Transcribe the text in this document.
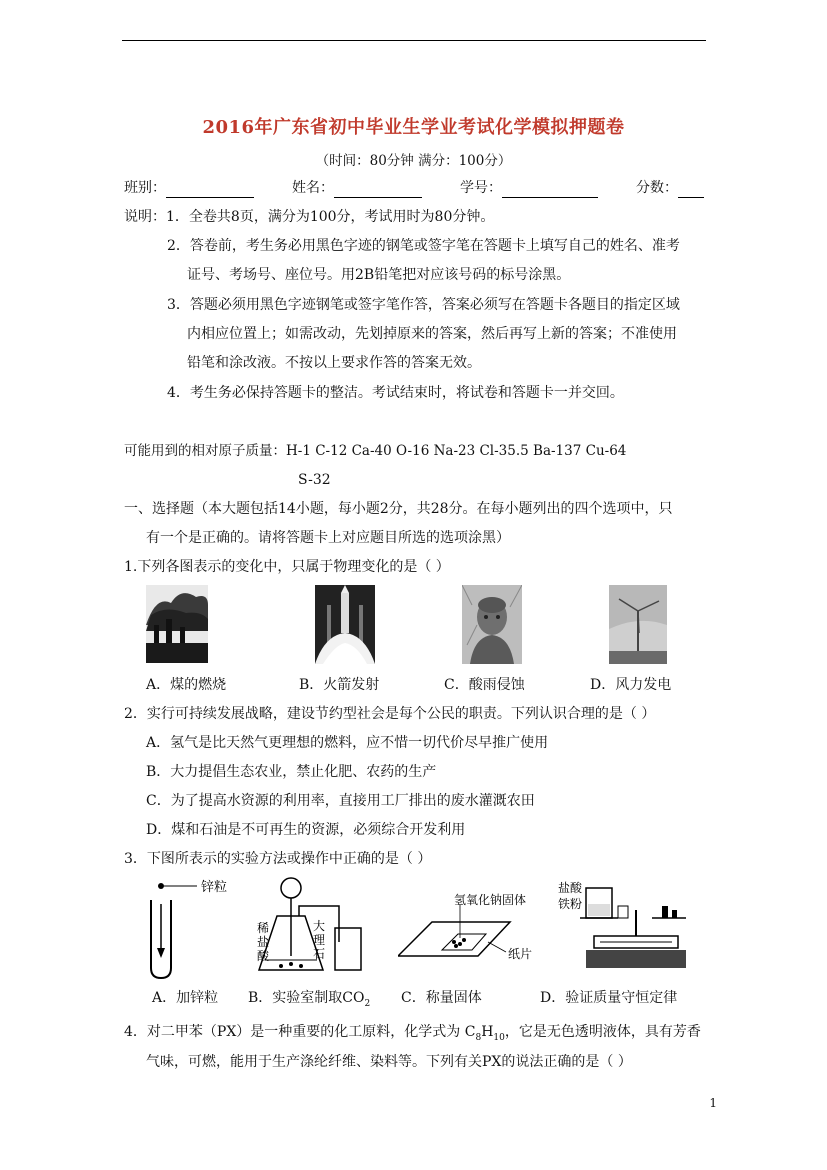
2016年广东省初中毕业生学业考试化学模拟押题卷
（时间：80分钟 满分：100分）
班别：	姓名：	学号：	分数：
说明：1．全卷共8页，满分为100分，考试用时为80分钟。
2．答卷前，考生务必用黑色字迹的钢笔或签字笔在答题卡上填写自己的姓名、准考
证号、考场号、座位号。用2B铅笔把对应该号码的标号涂黑。
3．答题必须用黑色字迹钢笔或签字笔作答，答案必须写在答题卡各题目的指定区域
内相应位置上；如需改动，先划掉原来的答案，然后再写上新的答案；不准使用
铅笔和涂改液。不按以上要求作答的答案无效。
4．考生务必保持答题卡的整洁。考试结束时，将试卷和答题卡一并交回。
可能用到的相对原子质量：H-1 C-12 Ca-40 O-16 Na-23 Cl-35.5 Ba-137 Cu-64
S-32
一、选择题（本大题包括14小题，每小题2分，共28分。在每小题列出的四个选项中，只
有一个是正确的。请将答题卡上对应题目所选的选项涂黑）
1.下列各图表示的变化中，只属于物理变化的是（ ）
A．煤的燃烧	B．火箭发射	C．酸雨侵蚀	D．风力发电
2．实行可持续发展战略，建设节约型社会是每个公民的职责。下列认识合理的是（ ）
A．氢气是比天然气更理想的燃料，应不惜一切代价尽早推广使用
B．大力提倡生态农业，禁止化肥、农药的生产
C．为了提高水资源的利用率，直接用工厂排出的废水灌溉农田
D．煤和石油是不可再生的资源，必须综合开发利用
3．下图所表示的实验方法或操作中正确的是（ ）
锌粒
稀
盐
酸
大
理
石
氢氧化钠固体
纸片
盐酸
铁粉
A．加锌粒 B．实验室制取$CO_2$ C．称量固体	D．验证质量守恒定律
4．对二甲苯（PX）是一种重要的化工原料，化学式为 $C_8H_{10}$，它是无色透明液体，具有芳香
气味，可燃，能用于生产涤纶纤维、染料等。下列有关PX的说法正确的是（ ）
1
